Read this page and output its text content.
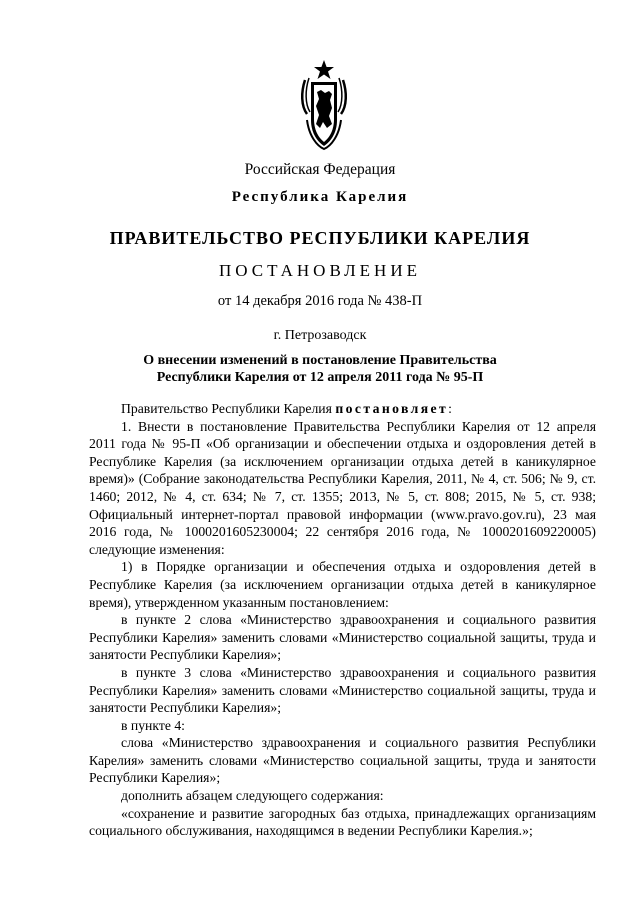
Российская Федерация
Республика Карелия
ПРАВИТЕЛЬСТВО РЕСПУБЛИКИ КАРЕЛИЯ
ПОСТАНОВЛЕНИЕ
от 14 декабря 2016 года № 438-П
г. Петрозаводск
О внесении изменений в постановление Правительства
Республики Карелия от 12 апреля 2011 года № 95-П

Правительство Республики Карелия постановляет:

1. Внести в постановление Правительства Республики Карелия от 12 апреля 2011 года № 95-П «Об организации и обеспечении отдыха и оздоровления детей в Республике Карелия (за исключением организации отдыха детей в каникулярное время)» (Собрание законодательства Республики Карелия, 2011, № 4, ст. 506; № 9, ст. 1460; 2012, № 4, ст. 634; № 7, ст. 1355; 2013, № 5, ст. 808; 2015, № 5, ст. 938; Официальный интернет-портал правовой информации (www.pravo.gov.ru), 23 мая 2016 года, № 1000201605230004; 22 сентября 2016 года, № 1000201609220005) следующие изменения:

1) в Порядке организации и обеспечения отдыха и оздоровления детей в Республике Карелия (за исключением организации отдыха детей в каникулярное время), утвержденном указанным постановлением:

в пункте 2 слова «Министерство здравоохранения и социального развития Республики Карелия» заменить словами «Министерство социальной защиты, труда и занятости Республики Карелия»;

в пункте 3 слова «Министерство здравоохранения и социального развития Республики Карелия» заменить словами «Министерство социальной защиты, труда и занятости Республики Карелия»;

в пункте 4:

слова «Министерство здравоохранения и социального развития Республики Карелия» заменить словами «Министерство социальной защиты, труда и занятости Республики Карелия»;

дополнить абзацем следующего содержания:

«сохранение и развитие загородных баз отдыха, принадлежащих организациям социального обслуживания, находящимся в ведении Республики Карелия.»;
